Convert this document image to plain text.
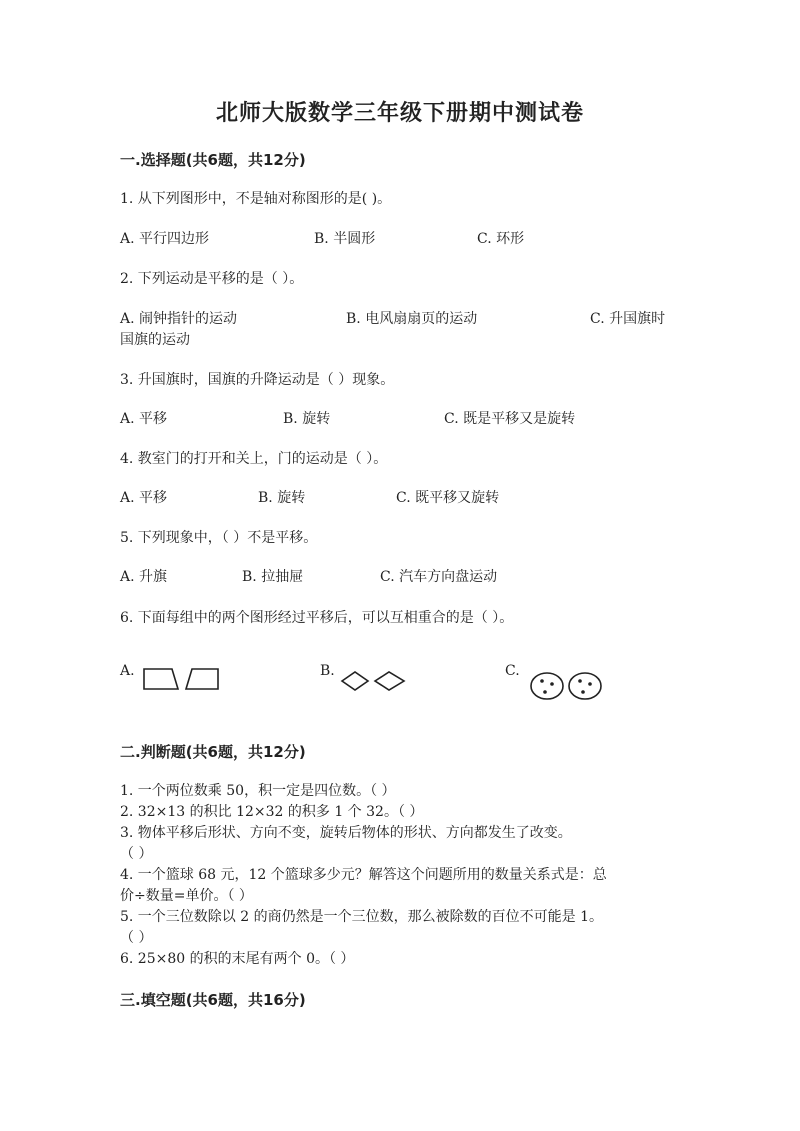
北师大版数学三年级下册期中测试卷
一.选择题(共6题，共12分)
1. 从下列图形中，不是轴对称图形的是( )。
A. 平行四边形	B. 半圆形	C. 环形
2. 下列运动是平移的是（ ）。
A. 闹钟指针的运动	B. 电风扇扇页的运动	C. 升国旗时
国旗的运动
3. 升国旗时，国旗的升降运动是（ ）现象。
A. 平移	B. 旋转	C. 既是平移又是旋转
4. 教室门的打开和关上，门的运动是（ ）。
A. 平移	B. 旋转	C. 既平移又旋转
5. 下列现象中，（ ）不是平移。
A. 升旗	B. 拉抽屉	C. 汽车方向盘运动
6. 下面每组中的两个图形经过平移后，可以互相重合的是（ ）。
A.	B.	C.
二.判断题(共6题，共12分)
1. 一个两位数乘 50，积一定是四位数。（ ）
2. 32×13 的积比 12×32 的积多 1 个 32。（ ）
3. 物体平移后形状、方向不变，旋转后物体的形状、方向都发生了改变。
（ ）
4. 一个篮球 68 元，12 个篮球多少元？解答这个问题所用的数量关系式是：总
价÷数量=单价。（ ）
5. 一个三位数除以 2 的商仍然是一个三位数，那么被除数的百位不可能是 1。
（ ）
6. 25×80 的积的末尾有两个 0。（ ）
三.填空题(共6题，共16分)
